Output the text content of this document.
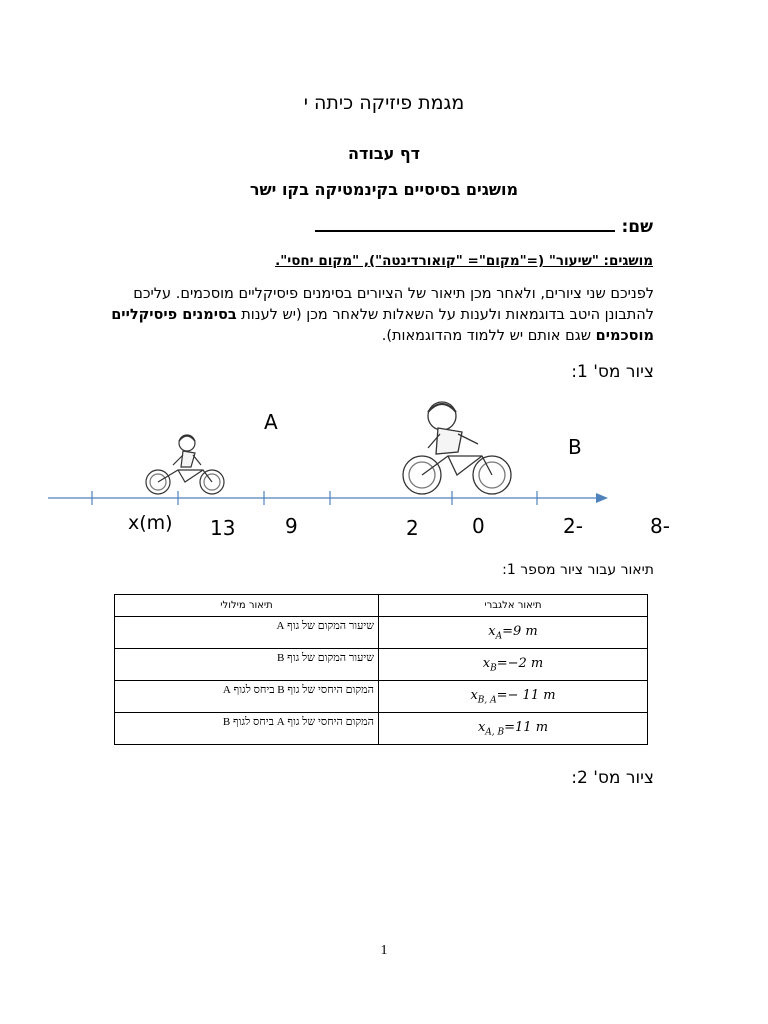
מגמת פיזיקה כיתה י
דף עבודה
מושגים בסיסיים בקינמטיקה בקו ישר
שם:
מושגים: "שיעור" (="מקום"= "קואורדינטה"), "מקום יחסי".
לפניכם שני ציורים, ולאחר מכן תיאור של הציורים בסימנים פיסיקליים מוסכמים. עליכם להתבונן היטב בדוגמאות ולענות על השאלות שלאחר מכן (יש לענות בסימנים פיסיקליים מוסכמים שגם אותם יש ללמוד מהדוגמאות).
ציור מס' 1:
A
B
x(m) 13 9	2	0	2-	8-
תיאור עבור ציור מספר 1:
תיאור אלגברי	תיאור מילולי
$x_A=9$ m	שיעור המקום של גוף A
$x_B=-2$ m	שיעור המקום של גוף B
$x_{B, A}=- 11$ m	המקום היחסי של גוף B ביחס לגוף A
$x_{A, B}=11$ m	המקום היחסי של גוף A ביחס לגוף B
ציור מס' 2:
1
